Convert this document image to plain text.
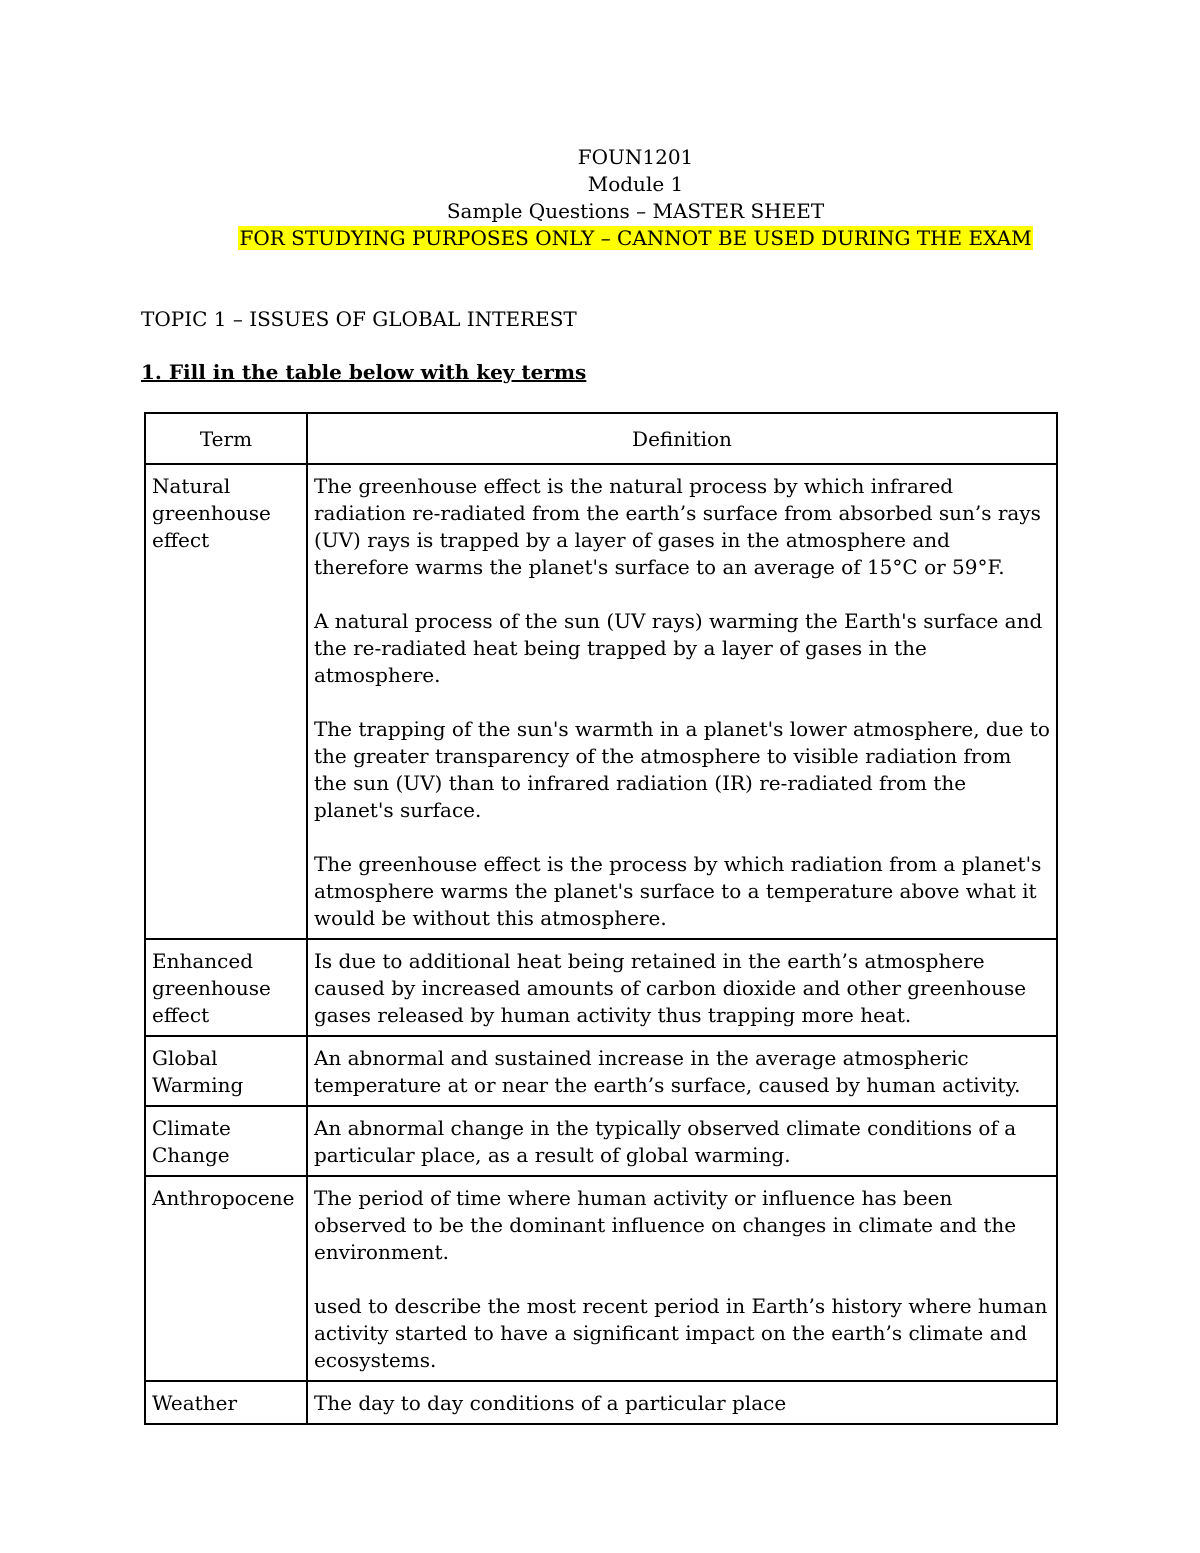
FOUN1201
Module 1
Sample Questions – MASTER SHEET
FOR STUDYING PURPOSES ONLY – CANNOT BE USED DURING THE EXAM
TOPIC 1 – ISSUES OF GLOBAL INTEREST
1. Fill in the table below with key terms
Term	Definition
Natural greenhouse effect	The greenhouse effect is the natural process by which infrared radiation re-radiated from the earth’s surface from absorbed sun’s rays (UV) rays is trapped by a layer of gases in the atmosphere and therefore warms the planet's surface to an average of 15°C or 59°F.

A natural process of the sun (UV rays) warming the Earth's surface and the re-radiated heat being trapped by a layer of gases in the atmosphere.

The trapping of the sun's warmth in a planet's lower atmosphere, due to the greater transparency of the atmosphere to visible radiation from the sun (UV) than to infrared radiation (IR) re-radiated from the planet's surface.

The greenhouse effect is the process by which radiation from a planet's atmosphere warms the planet's surface to a temperature above what it would be without this atmosphere.

Enhanced greenhouse effect	Is due to additional heat being retained in the earth’s atmosphere caused by increased amounts of carbon dioxide and other greenhouse gases released by human activity thus trapping more heat.

Global Warming	An abnormal and sustained increase in the average atmospheric temperature at or near the earth’s surface, caused by human activity.

Climate Change	An abnormal change in the typically observed climate conditions of a particular place, as a result of global warming.

Anthropocene	The period of time where human activity or influence has been observed to be the dominant influence on changes in climate and the environment.

used to describe the most recent period in Earth’s history where human activity started to have a significant impact on the earth’s climate and ecosystems.

Weather	The day to day conditions of a particular place
